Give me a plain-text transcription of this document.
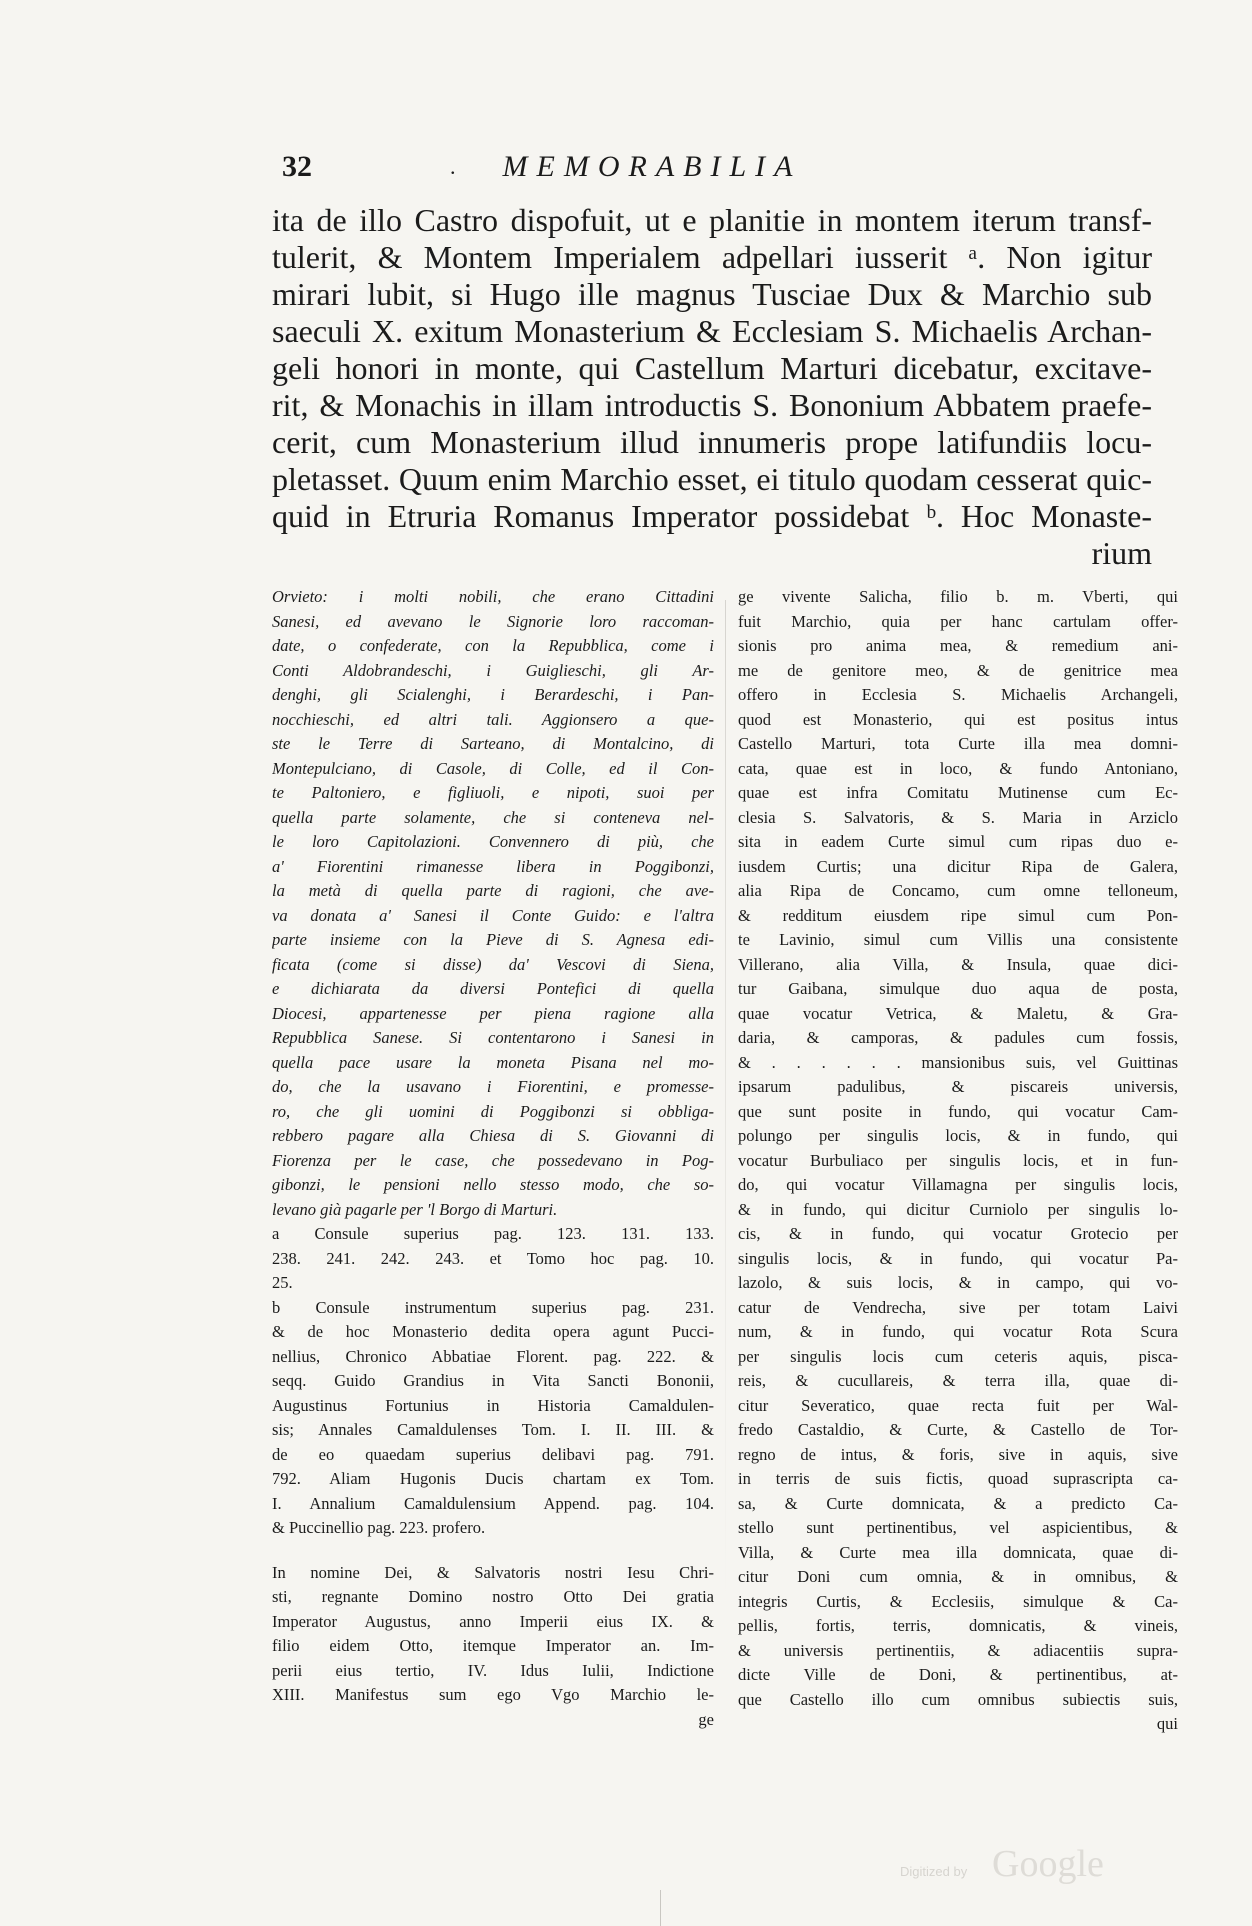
32	.	MEMORABILIA
ita de illo Castro dispofuit, ut e planitie in montem iterum transf-
tulerit, & Montem Imperialem adpellari iusserit ᵃ. Non igitur
mirari lubit, si Hugo ille magnus Tusciae Dux & Marchio sub
saeculi X. exitum Monasterium & Ecclesiam S. Michaelis Archan-
geli honori in monte, qui Castellum Marturi dicebatur, excitave-
rit, & Monachis in illam introductis S. Bononium Abbatem praefe-
cerit, cum Monasterium illud innumeris prope latifundiis locu-
pletasset. Quum enim Marchio esset, ei titulo quodam cesserat quic-
quid in Etruria Romanus Imperator possidebat ᵇ. Hoc Monaste-
rium
Orvieto: i molti nobili, che erano Cittadini
Sanesi, ed avevano le Signorie loro raccoman-
date, o confederate, con la Repubblica, come i
Conti Aldobrandeschi, i Guiglieschi, gli Ar-
denghi, gli Scialenghi, i Berardeschi, i Pan-
nocchieschi, ed altri tali. Aggionsero a que-
ste le Terre di Sarteano, di Montalcino, di
Montepulciano, di Casole, di Colle, ed il Con-
te Paltoniero, e figliuoli, e nipoti, suoi per
quella parte solamente, che si conteneva nel-
le loro Capitolazioni. Convennero di più, che
a' Fiorentini rimanesse libera in Poggibonzi,
la metà di quella parte di ragioni, che ave-
va donata a' Sanesi il Conte Guido: e l'altra
parte insieme con la Pieve di S. Agnesa edi-
ficata (come si disse) da' Vescovi di Siena,
e dichiarata da diversi Pontefici di quella
Diocesi, appartenesse per piena ragione alla
Repubblica Sanese. Si contentarono i Sanesi in
quella pace usare la moneta Pisana nel mo-
do, che la usavano i Fiorentini, e promesse-
ro, che gli uomini di Poggibonzi si obbliga-
rebbero pagare alla Chiesa di S. Giovanni di
Fiorenza per le case, che possedevano in Pog-
gibonzi, le pensioni nello stesso modo, che so-
levano già pagarle per 'l Borgo di Marturi.
a Consule superius pag. 123. 131. 133.
238. 241. 242. 243. et Tomo hoc pag. 10.
25.
b Consule instrumentum superius pag. 231.
& de hoc Monasterio dedita opera agunt Pucci-
nellius, Chronico Abbatiae Florent. pag. 222. &
seqq. Guido Grandius in Vita Sancti Bononii,
Augustinus Fortunius in Historia Camaldulen-
sis; Annales Camaldulenses Tom. I. II. III. &
de eo quaedam superius delibavi pag. 791.
792. Aliam Hugonis Ducis chartam ex Tom.
I. Annalium Camaldulensium Append. pag. 104.
& Puccinellio pag. 223. profero.
In nomine Dei, & Salvatoris nostri Iesu Chri-
sti, regnante Domino nostro Otto Dei gratia
Imperator Augustus, anno Imperii eius IX. &
filio eidem Otto, itemque Imperator an. Im-
perii eius tertio, IV. Idus Iulii, Indictione
XIII. Manifestus sum ego Vgo Marchio le-
ge
ge vivente Salicha, filio b. m. Vberti, qui
fuit Marchio, quia per hanc cartulam offer-
sionis pro anima mea, & remedium ani-
me de genitore meo, & de genitrice mea
offero in Ecclesia S. Michaelis Archangeli,
quod est Monasterio, qui est positus intus
Castello Marturi, tota Curte illa mea domni-
cata, quae est in loco, & fundo Antoniano,
quae est infra Comitatu Mutinense cum Ec-
clesia S. Salvatoris, & S. Maria in Arziclo
sita in eadem Curte simul cum ripas duo e-
iusdem Curtis; una dicitur Ripa de Galera,
alia Ripa de Concamo, cum omne telloneum,
& redditum eiusdem ripe simul cum Pon-
te Lavinio, simul cum Villis una consistente
Villerano, alia Villa, & Insula, quae dici-
tur Gaibana, simulque duo aqua de posta,
quae vocatur Vetrica, & Maletu, & Gra-
daria, & camporas, & padules cum fossis,
& . . . . . . mansionibus suis, vel Guittinas
ipsarum padulibus, & piscareis universis,
que sunt posite in fundo, qui vocatur Cam-
polungo per singulis locis, & in fundo, qui
vocatur Burbuliaco per singulis locis, et in fun-
do, qui vocatur Villamagna per singulis locis,
& in fundo, qui dicitur Curniolo per singulis lo-
cis, & in fundo, qui vocatur Grotecio per
singulis locis, & in fundo, qui vocatur Pa-
lazolo, & suis locis, & in campo, qui vo-
catur de Vendrecha, sive per totam Laivi
num, & in fundo, qui vocatur Rota Scura
per singulis locis cum ceteris aquis, pisca-
reis, & cucullareis, & terra illa, quae di-
citur Severatico, quae recta fuit per Wal-
fredo Castaldio, & Curte, & Castello de Tor-
regno de intus, & foris, sive in aquis, sive
in terris de suis fictis, quoad suprascripta ca-
sa, & Curte domnicata, & a predicto Ca-
stello sunt pertinentibus, vel aspicientibus, &
Villa, & Curte mea illa domnicata, quae di-
citur Doni cum omnia, & in omnibus, &
integris Curtis, & Ecclesiis, simulque & Ca-
pellis, fortis, terris, domnicatis, & vineis,
& universis pertinentiis, & adiacentiis supra-
dicte Ville de Doni, & pertinentibus, at-
que Castello illo cum omnibus subiectis suis,
qui
Digitized by Google
